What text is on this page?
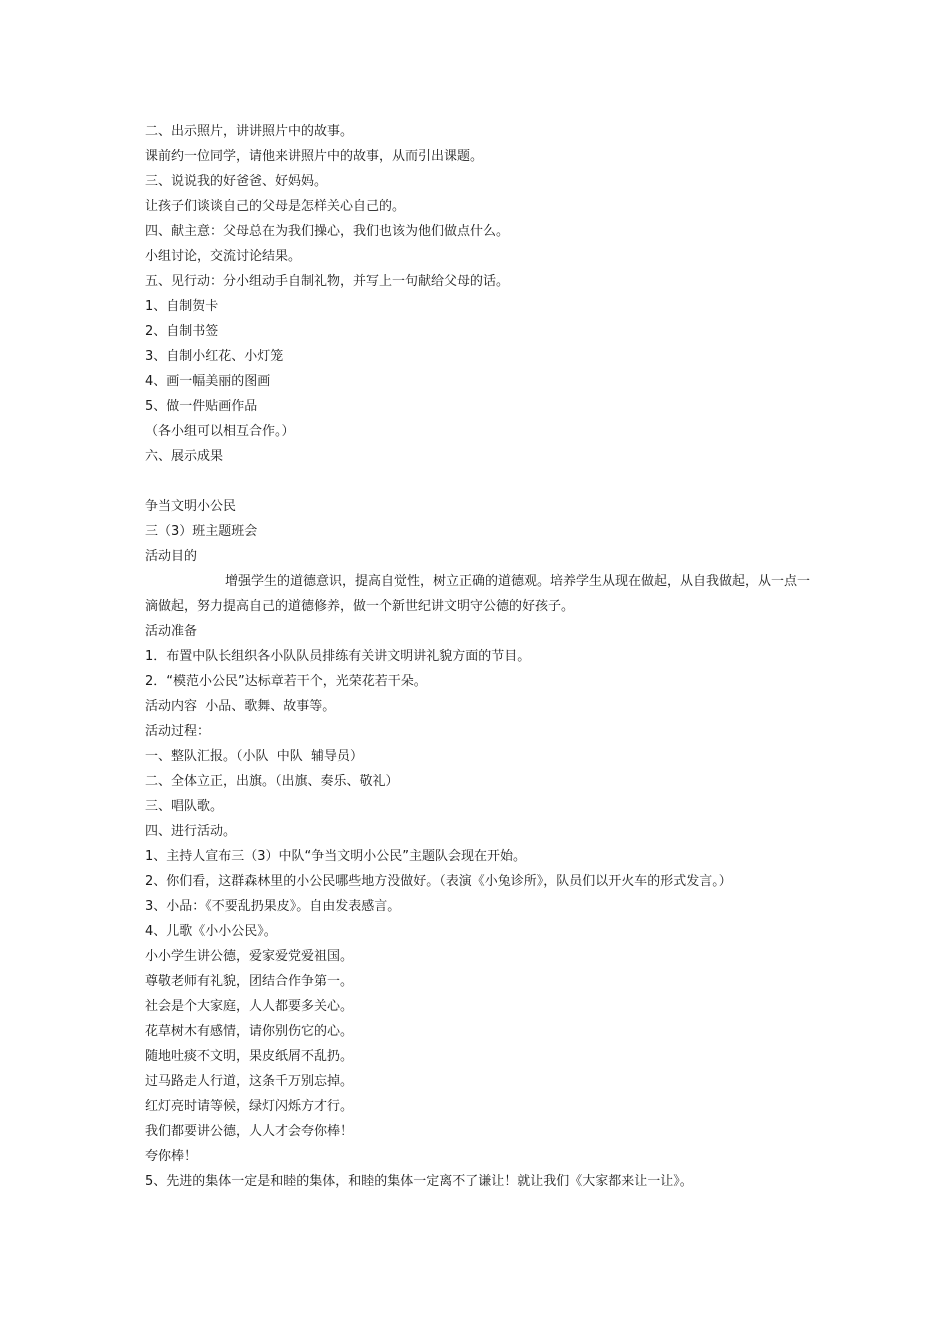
二、出示照片，讲讲照片中的故事。
课前约一位同学，请他来讲照片中的故事，从而引出课题。
三、说说我的好爸爸、好妈妈。
让孩子们谈谈自己的父母是怎样关心自己的。
四、献主意：父母总在为我们操心，我们也该为他们做点什么。
小组讨论，交流讨论结果。
五、见行动：分小组动手自制礼物，并写上一句献给父母的话。
1、自制贺卡
2、自制书签
3、自制小红花、小灯笼
4、画一幅美丽的图画
5、做一件贴画作品
（各小组可以相互合作。）
六、展示成果
争当文明小公民
三（3）班主题班会
活动目的
增强学生的道德意识，提高自觉性，树立正确的道德观。培养学生从现在做起，从自我做起，从一点一滴做起，努力提高自己的道德修养，做一个新世纪讲文明守公德的好孩子。
活动准备
1．布置中队长组织各小队队员排练有关讲文明讲礼貌方面的节目。
2．“模范小公民”达标章若干个，光荣花若干朵。
活动内容  小品、歌舞、故事等。
活动过程：
一、整队汇报。（小队  中队  辅导员）
二、全体立正，出旗。（出旗、奏乐、敬礼）
三、唱队歌。
四、进行活动。
1、主持人宣布三（3）中队“争当文明小公民”主题队会现在开始。
2、你们看，这群森林里的小公民哪些地方没做好。（表演《小兔诊所》，队员们以开火车的形式发言。）
3、小品：《不要乱扔果皮》。自由发表感言。
4、儿歌《小小公民》。
小小学生讲公德，爱家爱党爱祖国。
尊敬老师有礼貌，团结合作争第一。
社会是个大家庭，人人都要多关心。
花草树木有感情，请你别伤它的心。
随地吐痰不文明，果皮纸屑不乱扔。
过马路走人行道，这条千万别忘掉。
红灯亮时请等候，绿灯闪烁方才行。
我们都要讲公德，人人才会夸你棒！
夸你棒！
5、先进的集体一定是和睦的集体，和睦的集体一定离不了谦让！就让我们《大家都来让一让》。
